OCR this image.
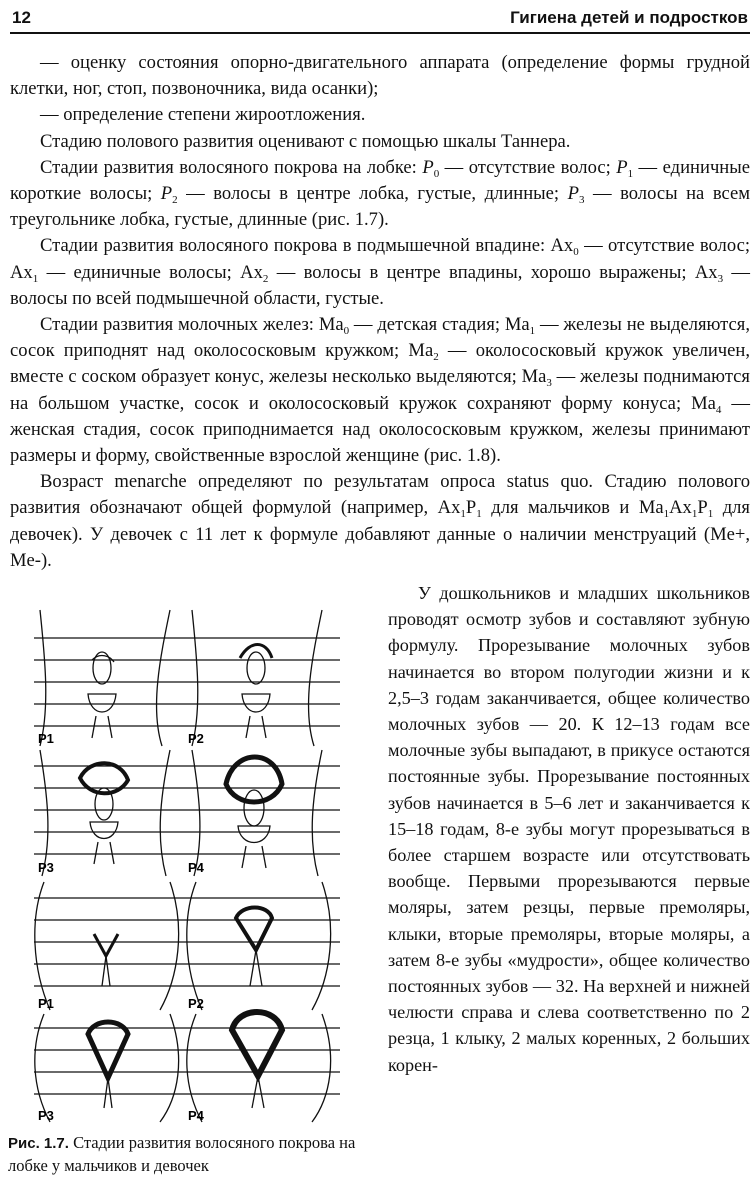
12	Гигиена детей и подростков

— оценку состояния опорно-двигательного аппарата (определение формы грудной клетки, ног, стоп, позвоночника, вида осанки);

— определение степени жироотложения.

Стадию полового развития оценивают с помощью шкалы Таннера.

Стадии развития волосяного покрова на лобке: $P_0$ — отсутствие волос; $P_1$ — единичные короткие волосы; $P_2$ — волосы в центре лобка, густые, длинные; $P_3$ — волосы на всем треугольнике лобка, густые, длинные (рис. 1.7).

Стадии развития волосяного покрова в подмышечной впадине: $Ax_0$ — отсутствие волос; $Ax_1$ — единичные волосы; $Ax_2$ — волосы в центре впадины, хорошо выражены; $Ax_3$ — волосы по всей подмышечной области, густые.

Стадии развития молочных желез: $Ma_0$ — детская стадия; $Ma_1$ — железы не выделяются, сосок приподнят над околососковым кружком; $Ma_2$ — околососковый кружок увеличен, вместе с соском образует конус, железы несколько выделяются; $Ma_3$ — железы поднимаются на большом участке, сосок и околососковый кружок сохраняют форму конуса; $Ma_4$ — женская стадия, сосок приподнимается над околососковым кружком, железы принимают размеры и форму, свойственные взрослой женщине (рис. 1.8).

Возраст menarche определяют по результатам опроса status quo. Стадию полового развития обозначают общей формулой (например, $Ax_1P_1$ для мальчиков и $Ma_1Ax_1P_1$ для девочек). У девочек с 11 лет к формуле добавляют данные о наличии менструаций (Me+, Me-).

P1	P2
P3	P4
P1	P2
P3	P4
Рис. 1.7. Стадии развития волосяного покрова на лобке у мальчиков и девочек

У дошкольников и младших школьников проводят осмотр зубов и составляют зубную формулу. Прорезывание молочных зубов начинается во втором полугодии жизни и к 2,5–3 годам заканчивается, общее количество молочных зубов — 20. К 12–13 годам все молочные зубы выпадают, в прикусе остаются постоянные зубы. Прорезывание постоянных зубов начинается в 5–6 лет и заканчивается к 15–18 годам, 8-е зубы могут прорезываться в более старшем возрасте или отсутствовать вообще. Первыми прорезываются первые моляры, затем резцы, первые премоляры, клыки, вторые премоляры, вторые моляры, а затем 8-е зубы «мудрости», общее количество постоянных зубов — 32. На верхней и нижней челюсти справа и слева соответственно по 2 резца, 1 клыку, 2 малых коренных, 2 больших корен-
